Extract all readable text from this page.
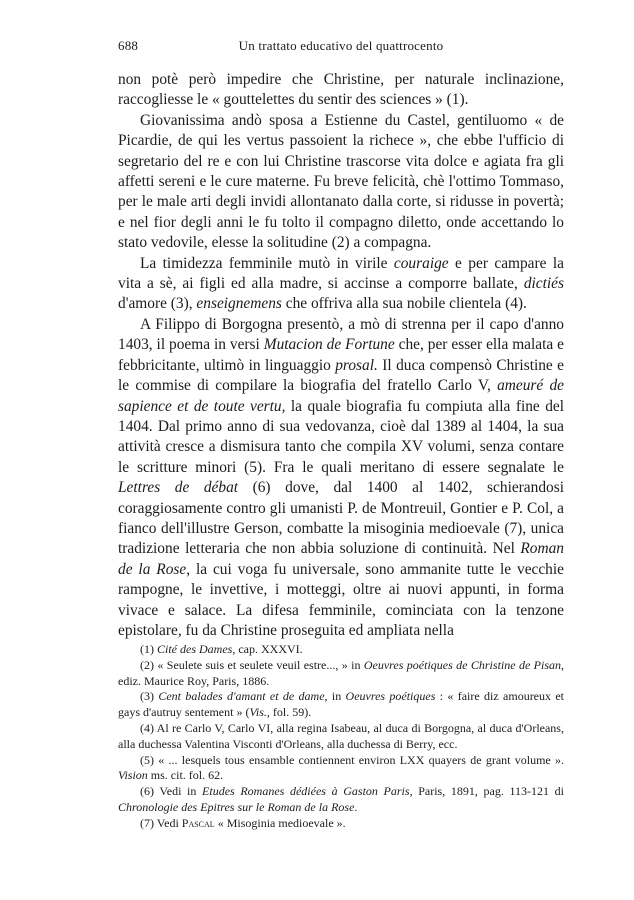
688	Un trattato educativo del quattrocento

non potè però impedire che Christine, per naturale inclinazione, raccogliesse le « gouttelettes du sentir des sciences » (1).

Giovanissima andò sposa a Estienne du Castel, gentiluomo « de Picardie, de qui les vertus passoient la richece », che ebbe l'ufficio di segretario del re e con lui Christine trascorse vita dolce e agiata fra gli affetti sereni e le cure materne. Fu breve felicità, chè l'ottimo Tommaso, per le male arti degli invidi allontanato dalla corte, si ridusse in povertà; e nel fior degli anni le fu tolto il compagno diletto, onde accettando lo stato vedovile, elesse la solitudine (2) a compagna.

La timidezza femminile mutò in virile couraige e per campare la vita a sè, ai figli ed alla madre, si accinse a comporre ballate, dictiés d'amore (3), enseignemens che offriva alla sua nobile clientela (4).

A Filippo di Borgogna presentò, a mò di strenna per il capo d'anno 1403, il poema in versi Mutacion de Fortune che, per esser ella malata e febbricitante, ultimò in linguaggio prosal. Il duca compensò Christine e le commise di compilare la biografia del fratello Carlo V, ameuré de sapience et de toute vertu, la quale biografia fu compiuta alla fine del 1404. Dal primo anno di sua vedovanza, cioè dal 1389 al 1404, la sua attività cresce a dismisura tanto che compila XV volumi, senza contare le scritture minori (5). Fra le quali meritano di essere segnalate le Lettres de débat (6) dove, dal 1400 al 1402, schierandosi coraggiosamente contro gli umanisti P. de Montreuil, Gontier e P. Col, a fianco dell'illustre Gerson, combatte la misoginia medioevale (7), unica tradizione letteraria che non abbia soluzione di continuità. Nel Roman de la Rose, la cui voga fu universale, sono ammanite tutte le vecchie rampogne, le invettive, i motteggi, oltre ai nuovi appunti, in forma vivace e salace. La difesa femminile, cominciata con la tenzone epistolare, fu da Christine proseguita ed ampliata nella

(1) Cité des Dames, cap. XXXVI.

(2) « Seulete suis et seulete veuil estre..., » in Oeuvres poétiques de Christine de Pisan, ediz. Maurice Roy, Paris, 1886.

(3) Cent balades d'amant et de dame, in Oeuvres poétiques : « faire diz amoureux et gays d'autruy sentement » (Vis., fol. 59).

(4) Al re Carlo V, Carlo VI, alla regina Isabeau, al duca di Borgogna, al duca d'Orleans, alla duchessa Valentina Visconti d'Orleans, alla duchessa di Berry, ecc.

(5) « ... lesquels tous ensamble contiennent environ LXX quayers de grant volume ». Vision ms. cit. fol. 62.

(6) Vedi in Etudes Romanes dédiées à Gaston Paris, Paris, 1891, pag. 113-121 di Chronologie des Epitres sur le Roman de la Rose.

(7) Vedi Pascal « Misoginia medioevale ».
